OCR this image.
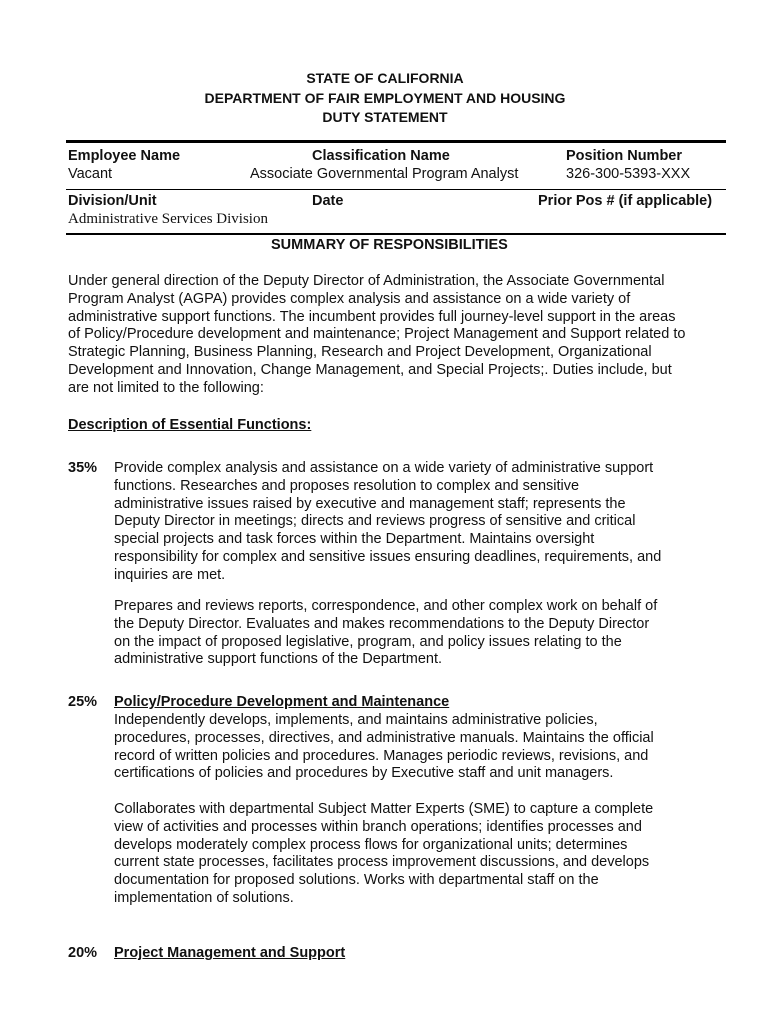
STATE OF CALIFORNIA
DEPARTMENT OF FAIR EMPLOYMENT AND HOUSING
DUTY STATEMENT
Employee Name
Vacant
Classification Name
Associate Governmental Program Analyst
Position Number
326-300-5393-XXX
Division/Unit
Administrative Services Division
Date	Prior Pos # (if applicable)
SUMMARY OF RESPONSIBILITIES
Under general direction of the Deputy Director of Administration, the Associate Governmental
Program Analyst (AGPA) provides complex analysis and assistance on a wide variety of
administrative support functions. The incumbent provides full journey-level support in the areas
of Policy/Procedure development and maintenance; Project Management and Support related to
Strategic Planning, Business Planning, Research and Project Development, Organizational
Development and Innovation, Change Management, and Special Projects;. Duties include, but
are not limited to the following:
Description of Essential Functions:
35% Provide complex analysis and assistance on a wide variety of administrative support
functions. Researches and proposes resolution to complex and sensitive
administrative issues raised by executive and management staff; represents the
Deputy Director in meetings; directs and reviews progress of sensitive and critical
special projects and task forces within the Department. Maintains oversight
responsibility for complex and sensitive issues ensuring deadlines, requirements, and
inquiries are met.
Prepares and reviews reports, correspondence, and other complex work on behalf of
the Deputy Director. Evaluates and makes recommendations to the Deputy Director
on the impact of proposed legislative, program, and policy issues relating to the
administrative support functions of the Department.
25% Policy/Procedure Development and Maintenance
Independently develops, implements, and maintains administrative policies,
procedures, processes, directives, and administrative manuals. Maintains the official
record of written policies and procedures. Manages periodic reviews, revisions, and
certifications of policies and procedures by Executive staff and unit managers.
Collaborates with departmental Subject Matter Experts (SME) to capture a complete
view of activities and processes within branch operations; identifies processes and
develops moderately complex process flows for organizational units; determines
current state processes, facilitates process improvement discussions, and develops
documentation for proposed solutions. Works with departmental staff on the
implementation of solutions.
20% Project Management and Support
